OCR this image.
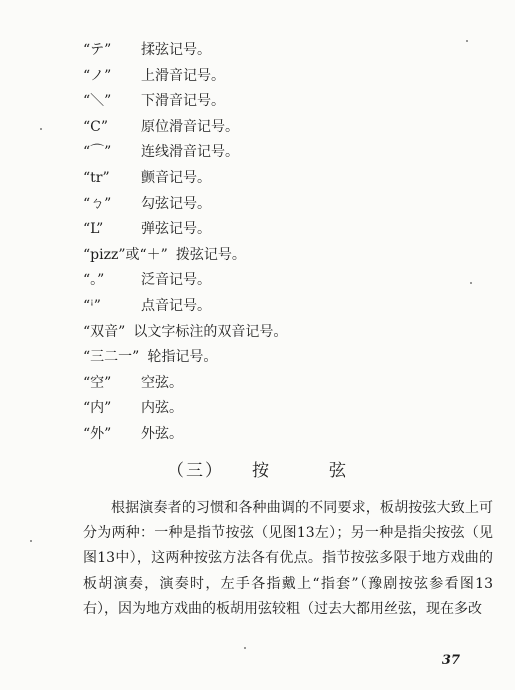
“テ” 揉弦记号。
“ノ” 上滑音记号。
“＼” 下滑音记号。
“C” 原位滑音记号。
“⌒” 连线滑音记号。
“tr” 颤音记号。
“ㄅ” 勾弦记号。
“L”	弹弦记号。
“pizz”或“＋” 拨弦记号。
“。”	泛音记号。
“ꜞ”	点音记号。
“双音” 以文字标注的双音记号。
“三二一” 轮指记号。
“空” 空弦。
“内” 内弦。
“外” 外弦。
（三） 按	弦
根据演奏者的习惯和各种曲调的不同要求，板胡按弦大致上可分为两种：一种是指节按弦（见图13左）；另一种是指尖按弦（见图13中），这两种按弦方法各有优点。指节按弦多限于地方戏曲的板胡演奏，演奏时，左手各指戴上“指套”（豫剧按弦参看图13右），因为地方戏曲的板胡用弦较粗（过去大都用丝弦，现在多改
37
